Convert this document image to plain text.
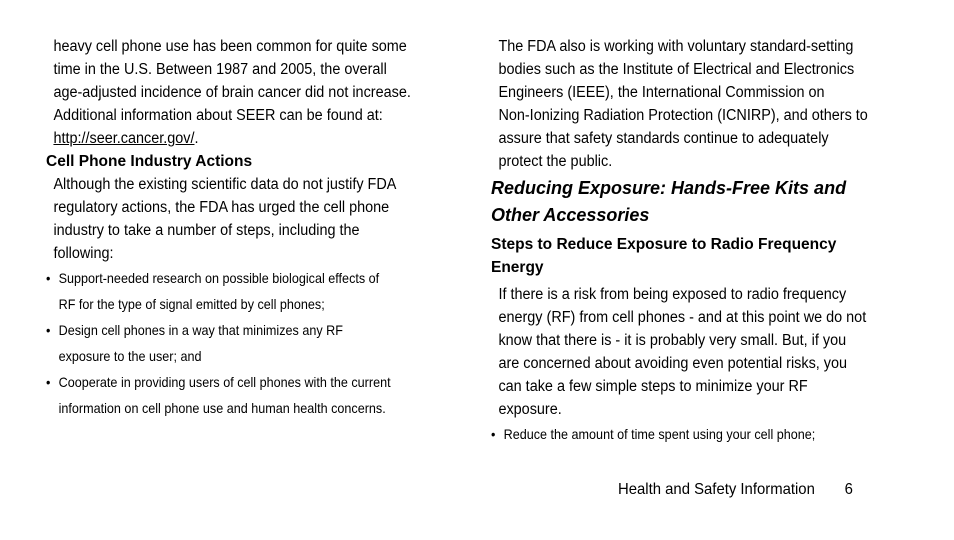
heavy cell phone use has been common for quite some
time in the U.S. Between 1987 and 2005, the overall
age-adjusted incidence of brain cancer did not increase.
Additional information about SEER can be found at:
http://seer.cancer.gov/.
Cell Phone Industry Actions
Although the existing scientific data do not justify FDA
regulatory actions, the FDA has urged the cell phone
industry to take a number of steps, including the
following:
• Support-needed research on possible biological effects of
RF for the type of signal emitted by cell phones;
• Design cell phones in a way that minimizes any RF
exposure to the user; and
• Cooperate in providing users of cell phones with the current
information on cell phone use and human health concerns.
The FDA also is working with voluntary standard-setting
bodies such as the Institute of Electrical and Electronics
Engineers (IEEE), the International Commission on
Non-Ionizing Radiation Protection (ICNIRP), and others to
assure that safety standards continue to adequately
protect the public.
Reducing Exposure: Hands-Free Kits and
Other Accessories
Steps to Reduce Exposure to Radio Frequency
Energy
If there is a risk from being exposed to radio frequency
energy (RF) from cell phones - and at this point we do not
know that there is - it is probably very small. But, if you
are concerned about avoiding even potential risks, you
can take a few simple steps to minimize your RF
exposure.
• Reduce the amount of time spent using your cell phone;
Health and Safety Information 6
